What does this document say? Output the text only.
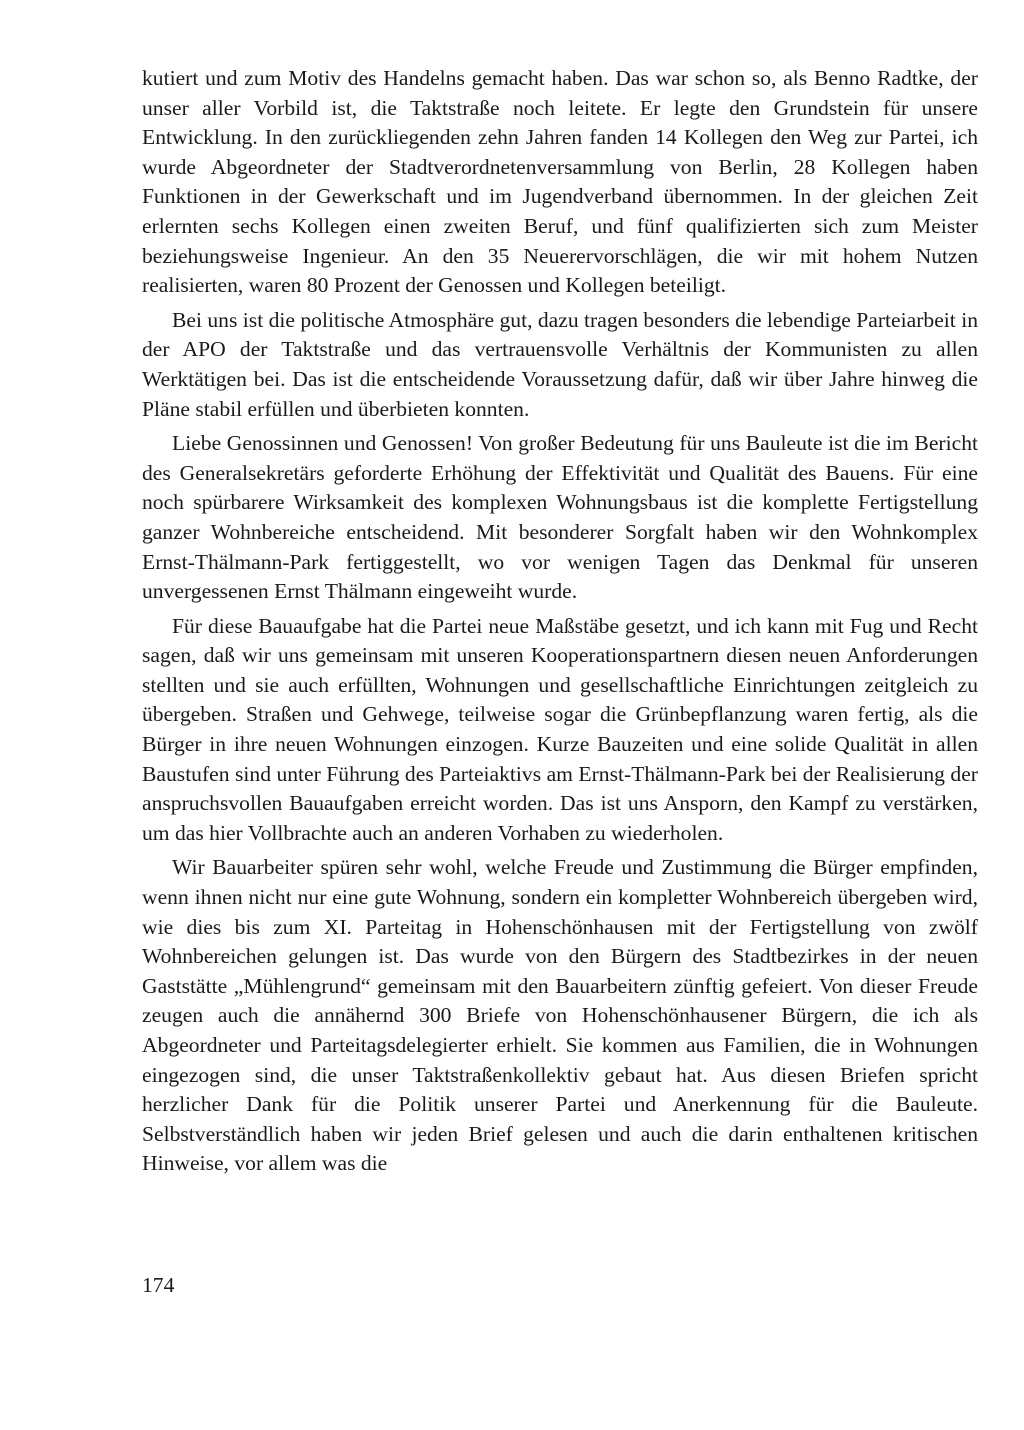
kutiert und zum Motiv des Handelns gemacht haben. Das war schon so, als Benno Radtke, der unser aller Vorbild ist, die Taktstraße noch leitete. Er legte den Grundstein für unsere Entwicklung. In den zurückliegenden zehn Jahren fanden 14 Kollegen den Weg zur Partei, ich wurde Abgeordneter der Stadtverordnetenversammlung von Berlin, 28 Kollegen haben Funktionen in der Gewerkschaft und im Jugendverband übernommen. In der gleichen Zeit erlernten sechs Kollegen einen zweiten Beruf, und fünf qualifizierten sich zum Meister beziehungsweise Ingenieur. An den 35 Neuerervorschlägen, die wir mit hohem Nutzen realisierten, waren 80 Prozent der Genossen und Kollegen beteiligt.

Bei uns ist die politische Atmosphäre gut, dazu tragen besonders die lebendige Parteiarbeit in der APO der Taktstraße und das vertrauensvolle Verhältnis der Kommunisten zu allen Werktätigen bei. Das ist die entscheidende Voraussetzung dafür, daß wir über Jahre hinweg die Pläne stabil erfüllen und überbieten konnten.

Liebe Genossinnen und Genossen! Von großer Bedeutung für uns Bauleute ist die im Bericht des Generalsekretärs geforderte Erhöhung der Effektivität und Qualität des Bauens. Für eine noch spürbarere Wirksamkeit des komplexen Wohnungsbaus ist die komplette Fertigstellung ganzer Wohnbereiche entscheidend. Mit besonderer Sorgfalt haben wir den Wohnkomplex Ernst-Thälmann-Park fertiggestellt, wo vor wenigen Tagen das Denkmal für unseren unvergessenen Ernst Thälmann eingeweiht wurde.

Für diese Bauaufgabe hat die Partei neue Maßstäbe gesetzt, und ich kann mit Fug und Recht sagen, daß wir uns gemeinsam mit unseren Kooperationspartnern diesen neuen Anforderungen stellten und sie auch erfüllten, Wohnungen und gesellschaftliche Einrichtungen zeitgleich zu übergeben. Straßen und Gehwege, teilweise sogar die Grünbepflanzung waren fertig, als die Bürger in ihre neuen Wohnungen einzogen. Kurze Bauzeiten und eine solide Qualität in allen Baustufen sind unter Führung des Parteiaktivs am Ernst-Thälmann-Park bei der Realisierung der anspruchsvollen Bauaufgaben erreicht worden. Das ist uns Ansporn, den Kampf zu verstärken, um das hier Vollbrachte auch an anderen Vorhaben zu wiederholen.

Wir Bauarbeiter spüren sehr wohl, welche Freude und Zustimmung die Bürger empfinden, wenn ihnen nicht nur eine gute Wohnung, sondern ein kompletter Wohnbereich übergeben wird, wie dies bis zum XI. Parteitag in Hohenschönhausen mit der Fertigstellung von zwölf Wohnbereichen gelungen ist. Das wurde von den Bürgern des Stadtbezirkes in der neuen Gaststätte „Mühlengrund“ gemeinsam mit den Bauarbeitern zünftig gefeiert. Von dieser Freude zeugen auch die annähernd 300 Briefe von Hohenschönhausener Bürgern, die ich als Abgeordneter und Parteitagsdelegierter erhielt. Sie kommen aus Familien, die in Wohnungen eingezogen sind, die unser Taktstraßenkollektiv gebaut hat. Aus diesen Briefen spricht herzlicher Dank für die Politik unserer Partei und Anerkennung für die Bauleute. Selbstverständlich haben wir jeden Brief gelesen und auch die darin enthaltenen kritischen Hinweise, vor allem was die

174
